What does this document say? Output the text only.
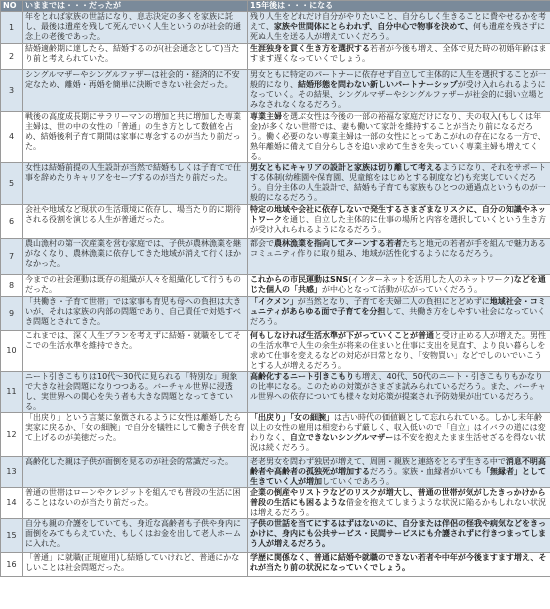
NO	いままでは・・・だったが	15年後は・・・になる
1	年をとれば家族の世話になり、息志決定の多くを家族に託し、最後は遺産を残して死んでいく人生というのが社会的通念上の老後であった。	残り人生をどれだけ自分がやりたいこと、自分らしく生きることに費やせるかを考えて、家族や世間体にとらわれず、自分中心で物事を決めて、何も遺産を残さずに死ぬ人生を送る人が増えていくだろう。
2	結婚適齢期に達したら、結婚するのが(社会通念として)当たり前と考えられていた。	生涯独身を貫く生き方を選択する若者が今後も増え、全体で見た時の初婚年齢はますます遅くなっていくでしょう。
3	シングルマザーやシングルファザーは社会的・経済的に不安定なため、離婚・再婚を簡単に決断できない社会だった。	男女ともに特定のパートナーに依存せず自立して主体的に人生を選択することが一般的になり、結婚形態を問わない新しいパートナーシップが受け入れられるようになっていく。その結果、シングルマザーやシングルファザーが社会的に弱い立場とみなされなくなるだろう。
4	戦後の高度成長期にサラリーマンの増加と共に増加した専業主婦は、世の中の女性の「普通」の生き方として数値を占め、結婚後利子育て期間は家事に専念するのが当たり前だった。	専業主婦を選ぶ女性は今後の一部の裕福な家庭だけになり、夫の収入(もしくは年金)が多くない世帯では、妻も働いて家計を維持することが当たり前になるだろう。働く必要のない専業主婦は一部の女性にとってあこがれの存在になる一方で、熟年離婚に備えて自分らしさを追い求めて生きを失っていく専業主婦も増えてくる。
5	女性は結婚前提の人生設計が当然で結婚もしくは子育てで仕事を辞めたりキャリアをセーブするのが当たり前だった。	男女ともにキャリアの設計と家族は切り離して考えるようになり、それをサポートする体制(幼稚園や保育園、児童館をはじめとする制度など)も充実していくだろう。自分主体の人生設計で、結婚も子育ても家族もひとつの通過点というものが一般的になるだろう。
6	会社や地域など現状の生活環境に依存し、場当たり的に期待される役割を演じる人生が普通だった。	特定の地域や会社に依存しないで発生するさまざまなリスクに、自分の知識やネットワークを通じ、自立した主体的に仕事の場所と内容を選択していくという生き方が受け入れられるようになるだろう。
7	農山漁村の第一次産業を営む家庭では、子供が農林漁業を継がなくなり、農林漁業に依存してきた地域が消えて行くほかなかった。	都会で農林漁業を指向してターンする若者たちと地元の若者が手を組んで魅力あるコミュニティ作りに取り組み、地域が活性化するようになるだろう。
8	今までの社会運動は既存の組織が人々を組織化して行うものだった。	これからの市民運動はSNS(インターネットを活用した人のネットワーク)などを通じた個人の「共感」が中心となって活動が広がっていくだろう。
9	「共働き・子育て世帯」では家事も育児も母への負担は大きいが、それは家族の内部の問題であり、自己責任で対処すべき問題とされてきた。	「イクメン」が当然となり、子育てを夫婦二人の負担にとどめずに地域社会・コミュニティがあらゆる面で子育てを分担して、共働き方をしやすい社会になっていくだろう。
10	これまでは、深く人生プランを考えずに結婚・就職をしてそこでの生活水準を維持できた。	何もしなければ生活水準が下がっていくことが普通と受け止める人が増えた。男性の生活水準で人生の余生が将来の住まいと仕事に支出を見直す、より良い暮らしを求めて仕事を変えるなどの対応が日常となり、「安物買い」などでしのいでいこうとする人が増えるだろう。
11	ニート引きこもりは10代〜30代に見られる「特別な」現象で大きな社会問題になりつつある。バーチャル世界に浸透し、実世界への関心を失う者も大きな問題となってきている。	高齢化するニート引きこもりも増え、40代、50代のニート・引きこもりもかなりの比率になる。このための対策がさまざま試みられているだろう。また、バーチャル世界への依存についても様々な対応策が提案され予防効果が出ているだろう。
12	「出戻り」という言葉に象徴されるように女性は離婚したら実家に戻るか、「女の細腕」で自分を犠牲にして働き子供を育て上げるのが美徳だった。	「出戻り」「女の細腕」は古い時代の価値観として忘れられている。しかし未年齢以上の女性の雇用は相変わらず厳しく、収入低いので「自立」はイバラの道には変わりなく、自立できないシングルマザーは不安を抱えたまま生活せざるを得ない状況は続くだろう。
13	高齢化した親は子供が面倒を見るのが社会的常識だった。	老老男女を問わず独居が増えて、周囲・親族と連絡をとらず生きる中で消息不明高齢者や高齢者の孤独死が増加するだろう。家族・血縁者がいても「無縁者」として生きていく人が増加していくであろう。
14	普通の世帯はローンやクレジットを組んでも普段の生活に困ることはないのが当たり前だった。	企業の倒産やリストラなどのリスクが増大し、普通の世帯が気がしたきっかけから普段の生活にも困るような借金を抱えてしまうような状況に陥るかもしれない状況は増えるだろう。
15	自分も親の介護をしていても、身近な高齢者も子供や身内に面倒をみてもらえていた、もしくはお金を出して老人ホームに入れた。	子供の世話を当てにするはずはないのに、自分または伴侶の怪我や病気などをきっかけに、身内にも公共サービス・民間サービスにも介護されずに行きつまってしまう人が増えるだろう。
16	「普通」に就職(正規雇用)し結婚していけれど、普通にかなしいことは社会問題だった。	学歴に関係なく、普通に結婚や就職のできない若者や中年が今後ますます増え、それが当たり前の状況になっていくでしょう。
